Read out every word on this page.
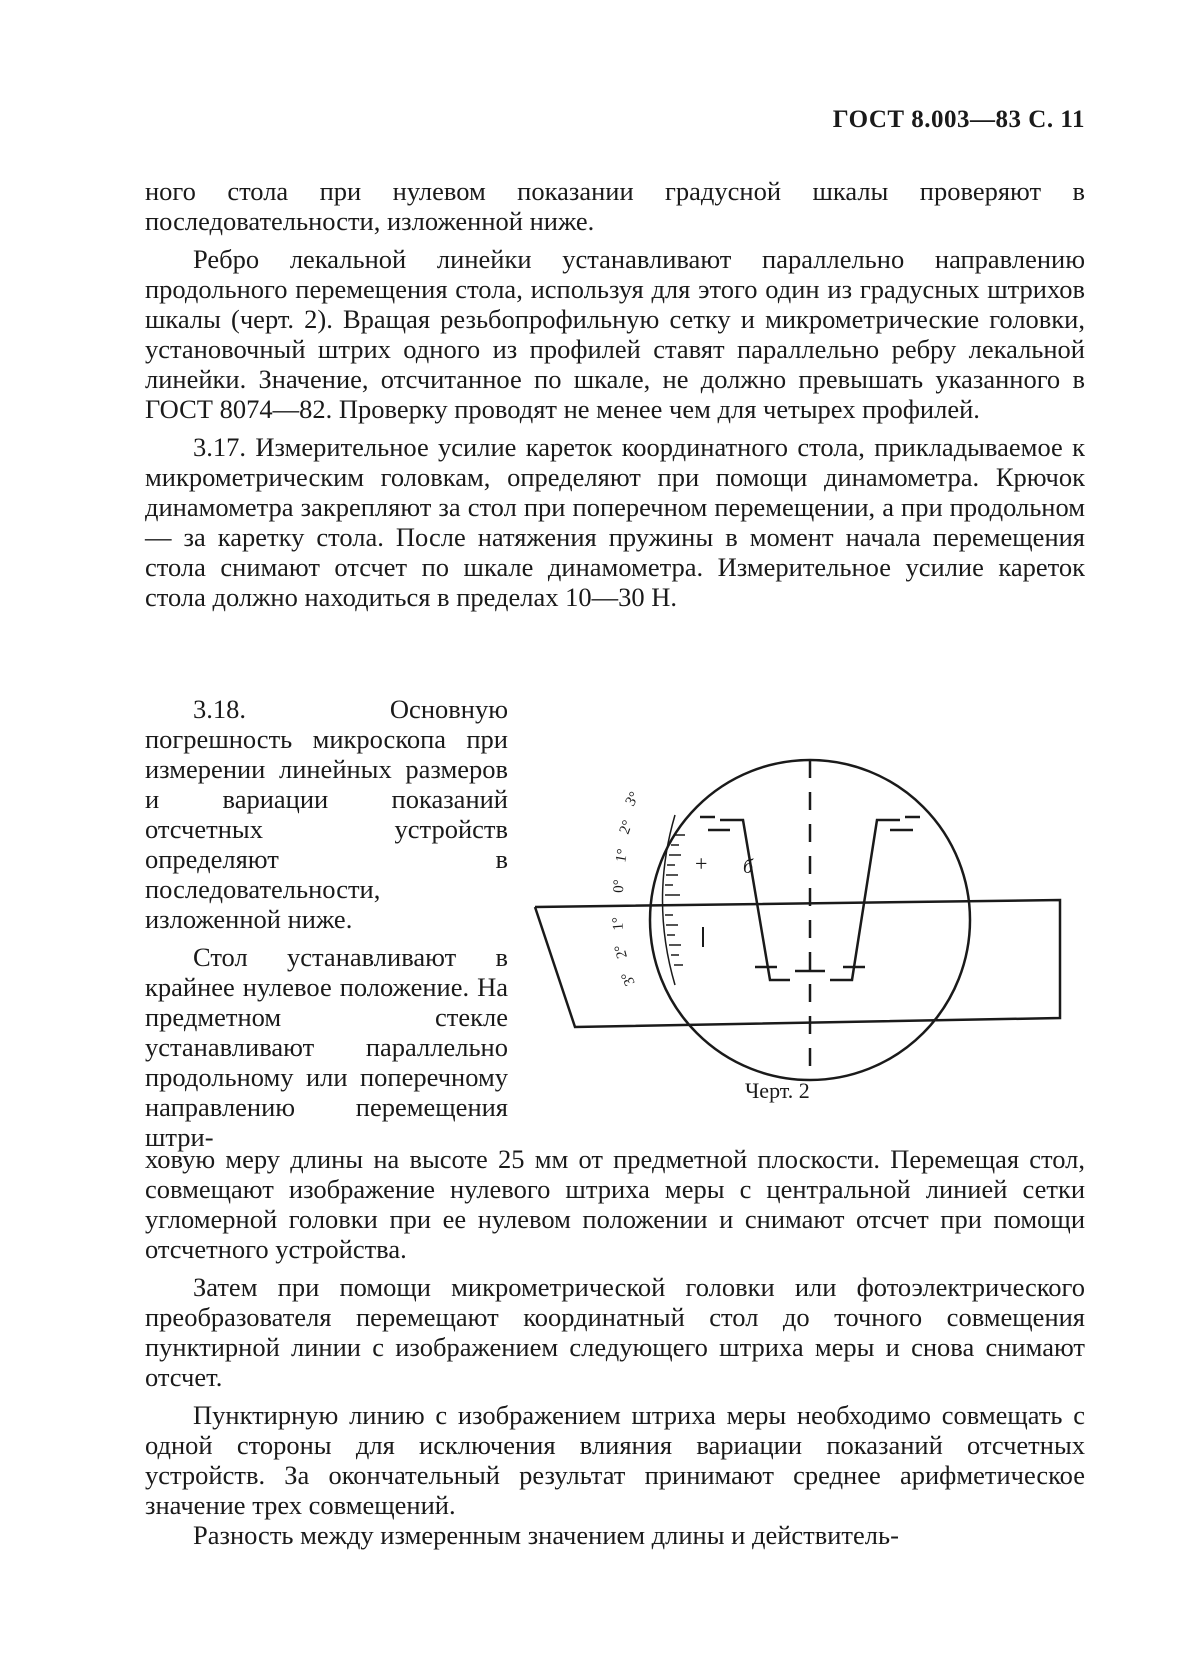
ГОСТ 8.003—83 С. 11

ного стола при нулевом показании градусной шкалы проверяют в последовательности, изложенной ниже.

Ребро лекальной линейки устанавливают параллельно направлению продольного перемещения стола, используя для этого один из градусных штрихов шкалы (черт. 2). Вращая резьбопрофильную сетку и микрометрические головки, установочный штрих одного из профилей ставят параллельно ребру лекальной линейки. Значение, отсчитанное по шкале, не должно превышать указанного в ГОСТ 8074—82. Проверку проводят не менее чем для четырех профилей.

3.17. Измерительное усилие кареток координатного стола, прикладываемое к микрометрическим головкам, определяют при помощи динамометра. Крючок динамометра закрепляют за стол при поперечном перемещении, а при продольном — за каретку стола. После натяжения пружины в момент начала перемещения стола снимают отсчет по шкале динамометра. Измерительное усилие кареток стола должно находиться в пределах 10—30 Н.

3.18. Основную погрешность микроскопа при измерении линейных размеров и вариации показаний отсчетных устройств определяют в последовательности, изложенной ниже.

Стол устанавливают в крайнее нулевое положение. На предметном стекле устанавливают параллельно продольному или поперечному направлению перемещения штри-

3°
2°
1°
0°
1°
2°
3°
+ б
Черт. 2

ховую меру длины на высоте 25 мм от предметной плоскости. Перемещая стол, совмещают изображение нулевого штриха меры с центральной линией сетки угломерной головки при ее нулевом положении и снимают отсчет при помощи отсчетного устройства.

Затем при помощи микрометрической головки или фотоэлектрического преобразователя перемещают координатный стол до точного совмещения пунктирной линии с изображением следующего штриха меры и снова снимают отсчет.

Пунктирную линию с изображением штриха меры необходимо совмещать с одной стороны для исключения влияния вариации показаний отсчетных устройств. За окончательный результат принимают среднее арифметическое значение трех совмещений.

Разность между измеренным значением длины и действитель-
